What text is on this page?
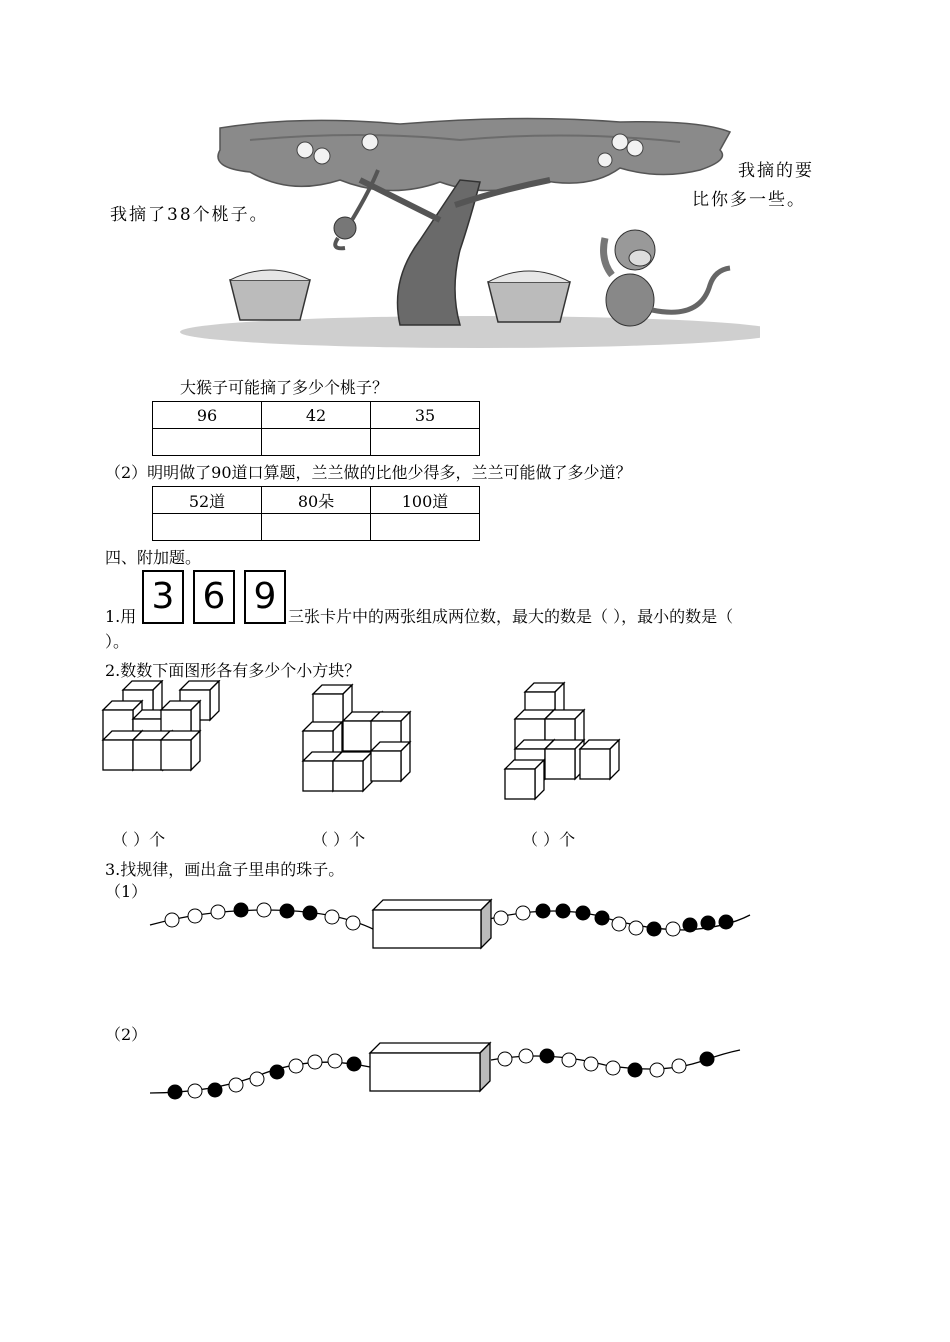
我摘了38个桃子。
我摘的要
比你多一些。
大猴子可能摘了多少个桃子？
96	42	35

（2）明明做了90道口算题，兰兰做的比他少得多，兰兰可能做了多少道？
52道	80朵	100道

四、附加题。
1.用 3 6 9 三张卡片中的两张组成两位数，最大的数是（ ），最小的数是（
）。
2.数数下面图形各有多少个小方块？
（ ）个	（ ）个	（ ）个
3.找规律，画出盒子里串的珠子。
（1）
（2）
